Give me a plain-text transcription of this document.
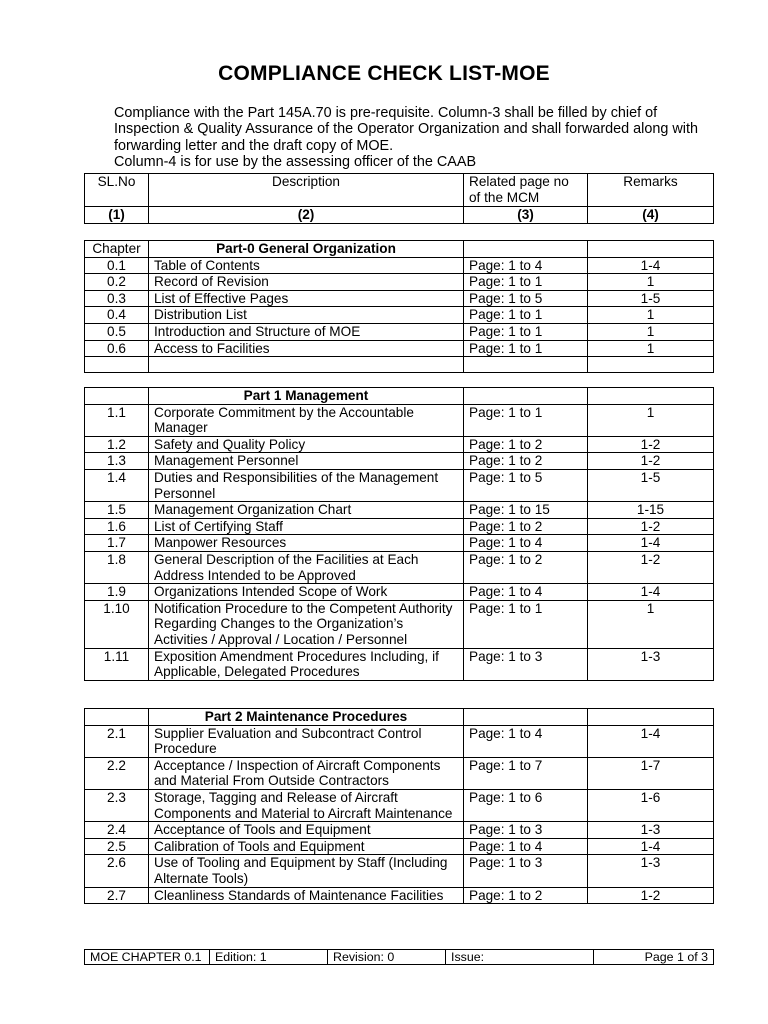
COMPLIANCE CHECK LIST-MOE

Compliance with the Part 145A.70 is pre-requisite. Column-3 shall be filled by chief of Inspection & Quality Assurance of the Operator Organization and shall forwarded along with forwarding letter and the draft copy of MOE.

Column-4 is for use by the assessing officer of the CAAB

SL.No	Description	Related page no of the MCM	Remarks
(1)	(2)	(3)	(4)
Chapter	Part-0 General Organization		
0.1	Table of Contents	Page: 1 to 4	1-4
0.2	Record of Revision	Page: 1 to 1	1
0.3	List of Effective Pages	Page: 1 to 5	1-5
0.4	Distribution List	Page: 1 to 1	1
0.5	Introduction and Structure of MOE	Page: 1 to 1	1
0.6	Access to Facilities	Page: 1 to 1	1

	Part 1 Management		
1.1	Corporate Commitment by the Accountable Manager	Page: 1 to 1	1
1.2	Safety and Quality Policy	Page: 1 to 2	1-2
1.3	Management Personnel	Page: 1 to 2	1-2
1.4	Duties and Responsibilities of the Management Personnel	Page: 1 to 5	1-5
1.5	Management Organization Chart	Page: 1 to 15	1-15
1.6	List of Certifying Staff	Page: 1 to 2	1-2
1.7	Manpower Resources	Page: 1 to 4	1-4
1.8	General Description of the Facilities at Each Address Intended to be Approved	Page: 1 to 2	1-2
1.9	Organizations Intended Scope of Work	Page: 1 to 4	1-4
1.10	Notification Procedure to the Competent Authority Regarding Changes to the Organization’s Activities / Approval / Location / Personnel	Page: 1 to 1	1
1.11	Exposition Amendment Procedures Including, if Applicable, Delegated Procedures	Page: 1 to 3	1-3
	Part 2 Maintenance Procedures		
2.1	Supplier Evaluation and Subcontract Control Procedure	Page: 1 to 4	1-4
2.2	Acceptance / Inspection of Aircraft Components and Material From Outside Contractors	Page: 1 to 7	1-7
2.3	Storage, Tagging and Release of Aircraft Components and Material to Aircraft Maintenance	Page: 1 to 6	1-6
2.4	Acceptance of Tools and Equipment	Page: 1 to 3	1-3
2.5	Calibration of Tools and Equipment	Page: 1 to 4	1-4
2.6	Use of Tooling and Equipment by Staff (Including Alternate Tools)	Page: 1 to 3	1-3
2.7	Cleanliness Standards of Maintenance Facilities	Page: 1 to 2	1-2
MOE CHAPTER 0.1	Edition: 1	Revision: 0	Issue:	Page 1 of 3
